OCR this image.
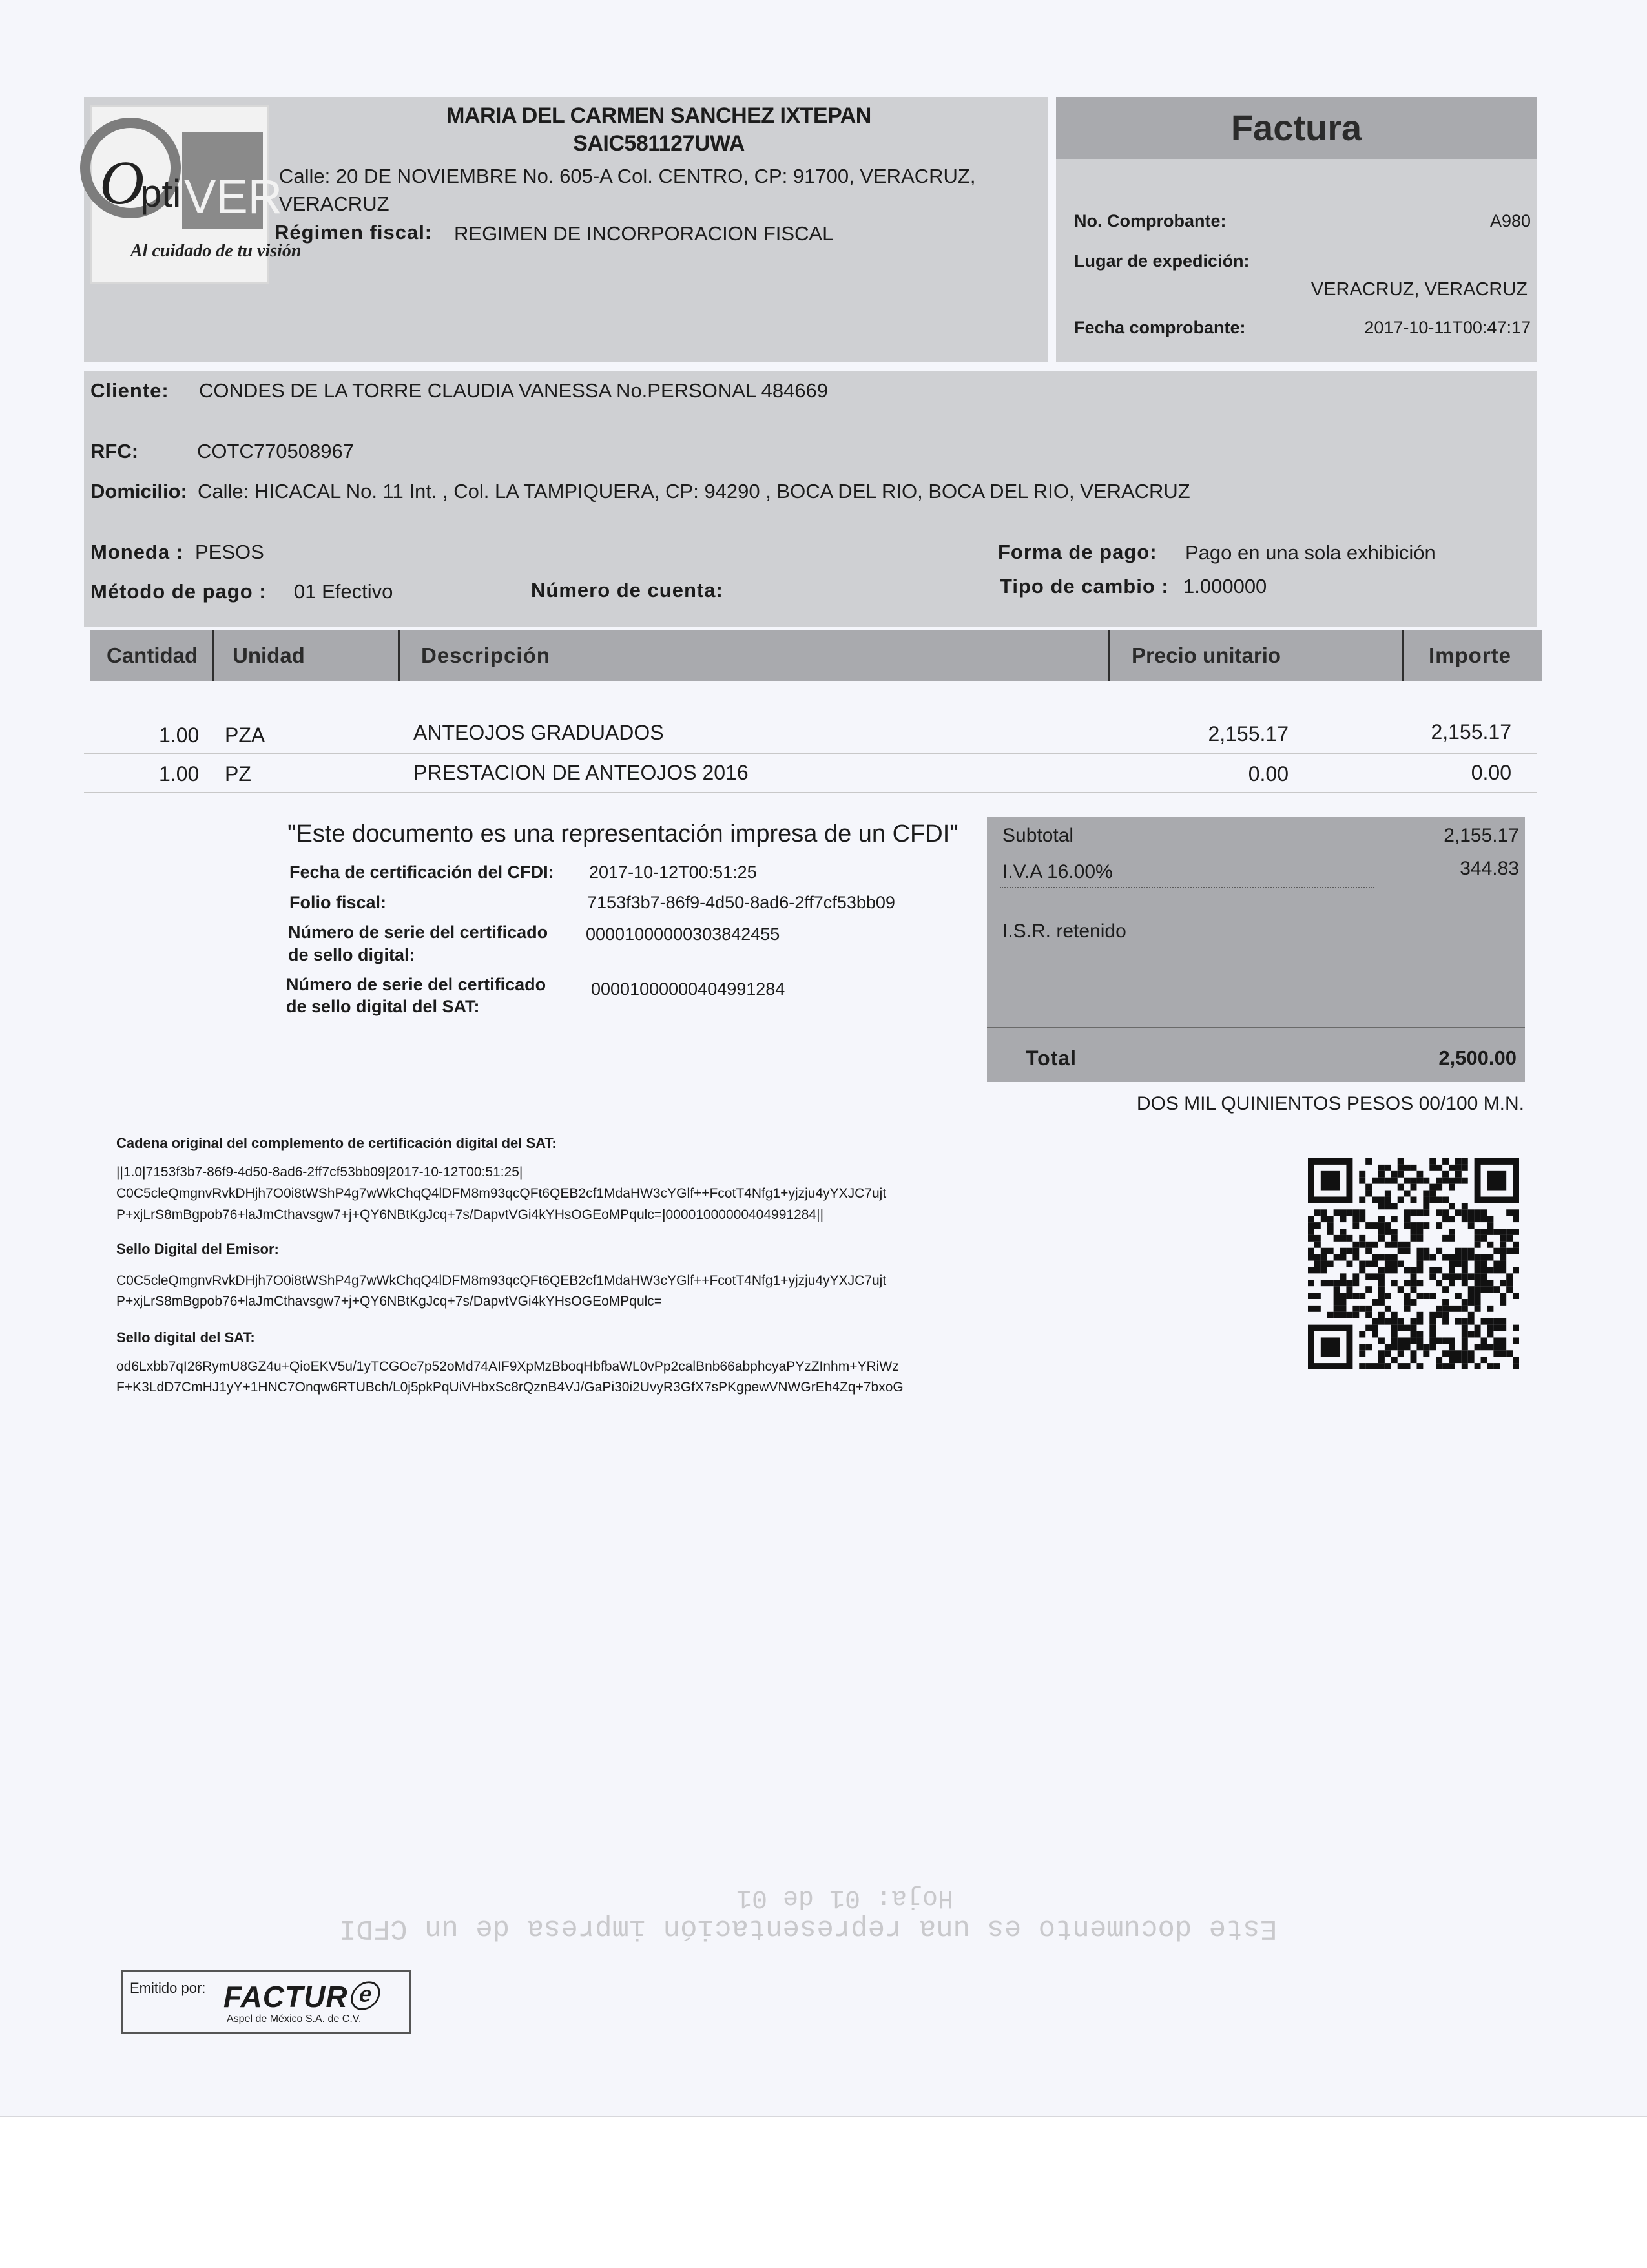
O
pti VER
Al cuidado de tu visión
MARIA DEL CARMEN SANCHEZ IXTEPAN
SAIC581127UWA
Calle: 20 DE NOVIEMBRE No. 605-A Col. CENTRO, CP: 91700, VERACRUZ,
VERACRUZ
Régimen fiscal: REGIMEN DE INCORPORACION FISCAL
Factura
No. Comprobante:	A980
Lugar de expedición:
VERACRUZ, VERACRUZ
Fecha comprobante:	2017-10-11T00:47:17
Cliente: CONDES DE LA TORRE CLAUDIA VANESSA No.PERSONAL 484669
RFC:	COTC770508967
Domicilio: Calle: HICACAL No. 11 Int. , Col. LA TAMPIQUERA, CP: 94290 , BOCA DEL RIO, BOCA DEL RIO, VERACRUZ
Moneda : PESOS
Método de pago : 01 Efectivo	Número de cuenta:
Forma de pago: Pago en una sola exhibición
Tipo de cambio : 1.000000
Cantidad Unidad	Descripción	Precio unitario	Importe
1.00 PZA	ANTEOJOS GRADUADOS	2,155.17	2,155.17
1.00 PZ	PRESTACION DE ANTEOJOS 2016	0.00	0.00
"Este documento es una representación impresa de un CFDI"
Fecha de certificación del CFDI: 2017-10-12T00:51:25
Folio fiscal:	7153f3b7-86f9-4d50-8ad6-2ff7cf53bb09
Número de serie del certificado
de sello digital:
00001000000303842455
Número de serie del certificado
de sello digital del SAT:
00001000000404991284
Subtotal	2,155.17
I.V.A 16.00%	344.83
I.S.R. retenido
Total	2,500.00
DOS MIL QUINIENTOS PESOS 00/100 M.N.
Cadena original del complemento de certificación digital del SAT:
||1.0|7153f3b7-86f9-4d50-8ad6-2ff7cf53bb09|2017-10-12T00:51:25|
C0C5cleQmgnvRvkDHjh7O0i8tWShP4g7wWkChqQ4lDFM8m93qcQFt6QEB2cf1MdaHW3cYGlf++FcotT4Nfg1+yjzju4yYXJC7ujt
P+xjLrS8mBgpob76+laJmCthavsgw7+j+QY6NBtKgJcq+7s/DapvtVGi4kYHsOGEoMPqulc=|00001000000404991284||
Sello Digital del Emisor:
C0C5cleQmgnvRvkDHjh7O0i8tWShP4g7wWkChqQ4lDFM8m93qcQFt6QEB2cf1MdaHW3cYGlf++FcotT4Nfg1+yjzju4yYXJC7ujt
P+xjLrS8mBgpob76+laJmCthavsgw7+j+QY6NBtKgJcq+7s/DapvtVGi4kYHsOGEoMPqulc=
Sello digital del SAT:
od6Lxbb7qI26RymU8GZ4u+QioEKV5u/1yTCGOc7p52oMd74AIF9XpMzBboqHbfbaWL0vPp2calBnb66abphcyaPYzZInhm+YRiWz
F+K3LdD7CmHJ1yY+1HNC7Onqw6RTUBch/L0j5pkPqUiVHbxSc8rQznB4VJ/GaPi30i2UvyR3GfX7sPKgpewVNWGrEh4Zq+7bxoG
Hoja: 01 de 01
Este documento es una representación impresa de un CFDI
Emitido por: FACTURⓔ
Aspel de México S.A. de C.V.
